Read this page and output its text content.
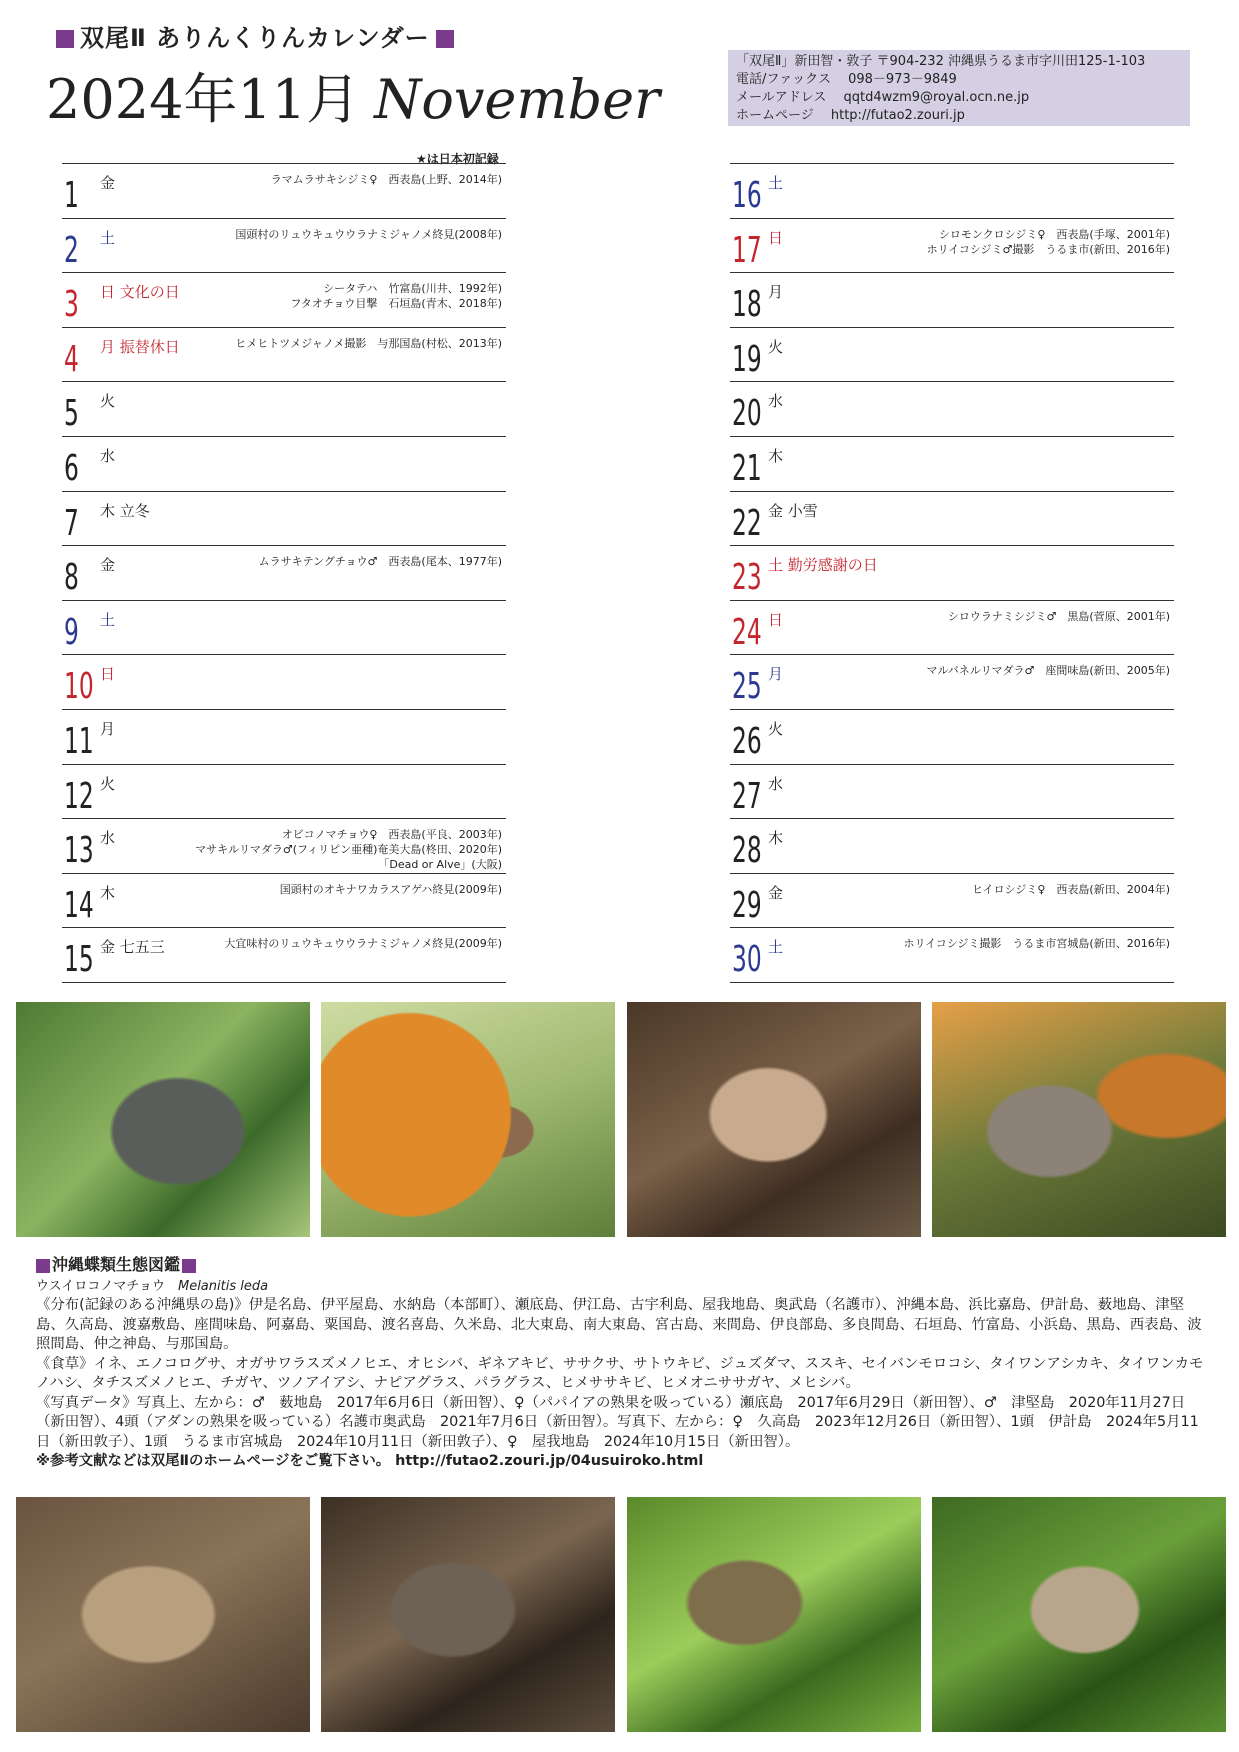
双尾Ⅱ ありんくりんカレンダー
2024年11月 November
「双尾Ⅱ」新田智・敦子 〒904-232 沖縄県うるま市字川田125-1-103
電話/ファックス　 098－973－9849
メールアドレス　 qqtd4wzm9@royal.ocn.ne.jp
ホームページ　 http://futao2.zouri.jp
★は日本初記録
1 金	ラマムラサキシジミ♀　西表島(上野、2014年)
2 土	国頭村のリュウキュウウラナミジャノメ終見(2008年)
3 日 文化の日	シータテハ　竹富島(川井、1992年)
フタオチョウ目撃　石垣島(青木、2018年)
4 月 振替休日	ヒメヒトツメジャノメ撮影　与那国島(村松、2013年)
5 火
6 水
7 木 立冬
8 金	ムラサキテングチョウ♂　西表島(尾本、1977年)
9 土
10 日
11 月
12 火
13 水	オビコノマチョウ♀　西表島(平良、2003年)
マサキルリマダラ♂(フィリピン亜種)奄美大島(柊田、2020年)
「Dead or Alve」(大阪)
14 木	国頭村のオキナワカラスアゲハ終見(2009年)
15 金 七五三	大宜味村のリュウキュウウラナミジャノメ終見(2009年)
16 土
17 日	シロモンクロシジミ♀　西表島(手塚、2001年)
ホリイコシジミ♂撮影　うるま市(新田、2016年)
18 月
19 火
20 水
21 木
22 金 小雪
23 土 勤労感謝の日
24 日	シロウラナミシジミ♂　黒島(菅原、2001年)
25 月	マルバネルリマダラ♂　座間味島(新田、2005年)
26 火
27 水
28 木
29 金	ヒイロシジミ♀　西表島(新田、2004年)
30 土	ホリイコシジミ撮影　うるま市宮城島(新田、2016年)

沖縄蝶類生態図鑑

ウスイロコノマチョウ　 Melanitis leda

《分布(記録のある沖縄県の島)》伊是名島、伊平屋島、水納島（本部町）、瀬底島、伊江島、古宇利島、屋我地島、奥武島（名護市）、沖縄本島、浜比嘉島、伊計島、薮地島、津堅島、久高島、渡嘉敷島、座間味島、阿嘉島、粟国島、渡名喜島、久米島、北大東島、南大東島、宮古島、来間島、伊良部島、多良間島、石垣島、竹富島、小浜島、黒島、西表島、波照間島、仲之神島、与那国島。

《食草》イネ、エノコログサ、オガサワラスズメノヒエ、オヒシバ、ギネアキビ、ササクサ、サトウキビ、ジュズダマ、ススキ、セイバンモロコシ、タイワンアシカキ、タイワンカモノハシ、タチスズメノヒエ、チガヤ、ツノアイアシ、ナピアグラス、パラグラス、ヒメササキビ、ヒメオニササガヤ、メヒシバ。

《写真データ》写真上、左から：♂　薮地島　2017年6月6日（新田智）、♀（パパイアの熟果を吸っている）瀬底島　2017年6月29日（新田智）、♂　津堅島　2020年11月27日（新田智）、4頭（アダンの熟果を吸っている）名護市奥武島　2021年7月6日（新田智）。写真下、左から：♀　久高島　2023年12月26日（新田智）、1頭　伊計島　2024年5月11日（新田敦子）、1頭　うるま市宮城島　2024年10月11日（新田敦子）、♀　屋我地島　2024年10月15日（新田智）。

※参考文献などは双尾Ⅱのホームページをご覧下さい。 http://futao2.zouri.jp/04usuiroko.html
